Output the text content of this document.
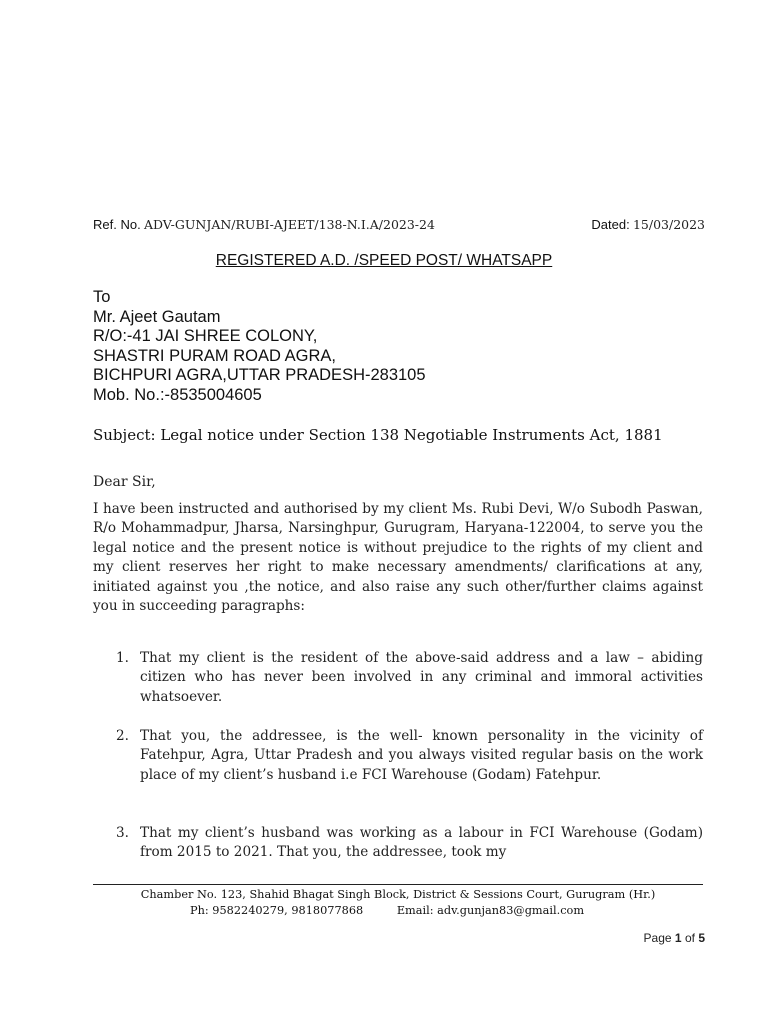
Ref. No. ADV-GUNJAN/RUBI-AJEET/138-N.I.A/2023-24	Dated: 15/03/2023
REGISTERED A.D. /SPEED POST/ WHATSAPP
To
Mr. Ajeet Gautam
R/O:-41 JAI SHREE COLONY,
SHASTRI PURAM ROAD AGRA,
BICHPURI AGRA,UTTAR PRADESH-283105
Mob. No.:-8535004605
Subject: Legal notice under Section 138 Negotiable Instruments Act, 1881
Dear Sir,
I have been instructed and authorised by my client Ms. Rubi Devi, W/o Subodh Paswan, R/o Mohammadpur, Jharsa, Narsinghpur, Gurugram, Haryana-122004, to serve you the legal notice and the present notice is without prejudice to the rights of my client and my client reserves her right to make necessary amendments/ clarifications at any, initiated against you ,the notice, and also raise any such other/further claims against you in succeeding paragraphs:
1. That my client is the resident of the above-said address and a law – abiding citizen who has never been involved in any criminal and immoral activities whatsoever.
2. That you, the addressee, is the well- known personality in the vicinity of Fatehpur, Agra, Uttar Pradesh and you always visited regular basis on the work place of my client’s husband i.e FCI Warehouse (Godam) Fatehpur.
3. That my client’s husband was working as a labour in FCI Warehouse (Godam) from 2015 to 2021. That you, the addressee, took my
Chamber No. 123, Shahid Bhagat Singh Block, District & Sessions Court, Gurugram (Hr.)
Ph: 9582240279, 9818077868	Email: adv.gunjan83@gmail.com
Page 1 of 5
